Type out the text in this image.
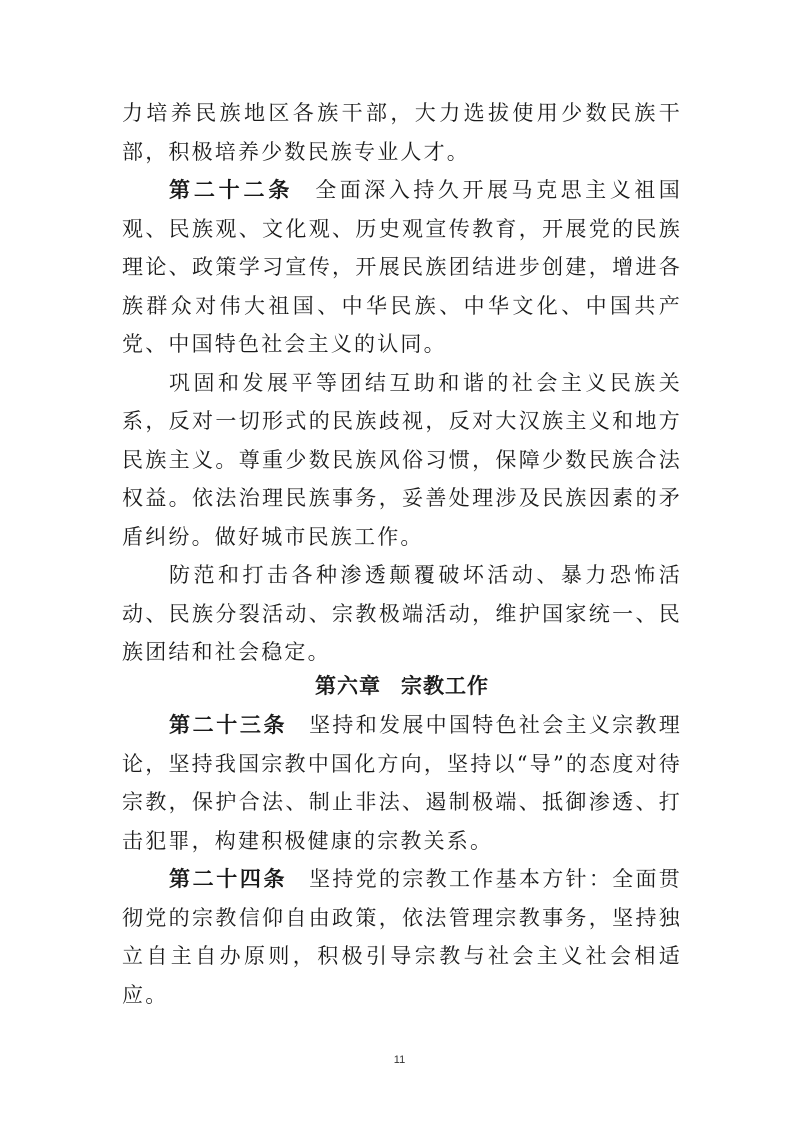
力培养民族地区各族干部，大力选拔使用少数民族干部，积极培养少数民族专业人才。

第二十二条 全面深入持久开展马克思主义祖国观、民族观、文化观、历史观宣传教育，开展党的民族理论、政策学习宣传，开展民族团结进步创建，增进各族群众对伟大祖国、中华民族、中华文化、中国共产党、中国特色社会主义的认同。

巩固和发展平等团结互助和谐的社会主义民族关系，反对一切形式的民族歧视，反对大汉族主义和地方民族主义。尊重少数民族风俗习惯，保障少数民族合法权益。依法治理民族事务，妥善处理涉及民族因素的矛盾纠纷。做好城市民族工作。

防范和打击各种渗透颠覆破坏活动、暴力恐怖活动、民族分裂活动、宗教极端活动，维护国家统一、民族团结和社会稳定。

第六章 宗教工作

第二十三条 坚持和发展中国特色社会主义宗教理论，坚持我国宗教中国化方向，坚持以“导”的态度对待宗教，保护合法、制止非法、遏制极端、抵御渗透、打击犯罪，构建积极健康的宗教关系。

第二十四条 坚持党的宗教工作基本方针：全面贯彻党的宗教信仰自由政策，依法管理宗教事务，坚持独立自主自办原则，积极引导宗教与社会主义社会相适应。

11
